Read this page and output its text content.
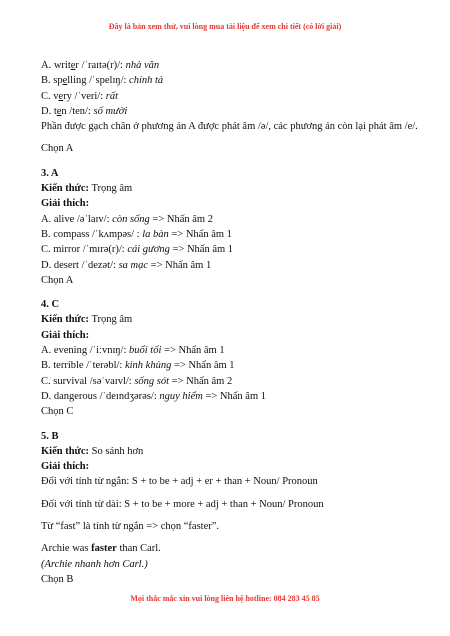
Đây là bản xem thử, vui lòng mua tài liệu để xem chi tiết (có lời giải)
A. writer /ˈraɪtə(r)/: nhà văn
B. spelling /ˈspelɪŋ/: chính tả
C. very /ˈveri/: rất
D. ten /ten/: số mười
Phần được gạch chân ở phương án A được phát âm /ə/, các phương án còn lại phát âm /e/.
Chọn A
3. A
Kiến thức: Trọng âm
Giải thích:
A. alive /əˈlaɪv/: còn sống => Nhấn âm 2
B. compass /ˈkʌmpəs/ : la bàn => Nhấn âm 1
C. mirror /ˈmɪrə(r)/: cái gương => Nhấn âm 1
D. desert /ˈdezət/: sa mạc => Nhấn âm 1
Chọn A
4. C
Kiến thức: Trọng âm
Giải thích:
A. evening /ˈiːvnɪŋ/: buổi tối => Nhấn âm 1
B. terrible /ˈterəbl/: kinh khủng => Nhấn âm 1
C. survival /səˈvaɪvl/: sống sót => Nhấn âm 2
D. dangerous /ˈdeɪndʒərəs/: nguy hiểm => Nhấn âm 1
Chọn C
5. B
Kiến thức: So sánh hơn
Giải thích:
Đối với tính từ ngắn: S + to be + adj + er + than + Noun/ Pronoun
Đối với tính từ dài: S + to be + more + adj + than + Noun/ Pronoun
Từ “fast” là tính từ ngắn => chọn “faster”.
Archie was faster than Carl.
(Archie nhanh hơn Carl.)
Chọn B
Mọi thắc mắc xin vui lòng liên hệ hotline: 084 283 45 85
